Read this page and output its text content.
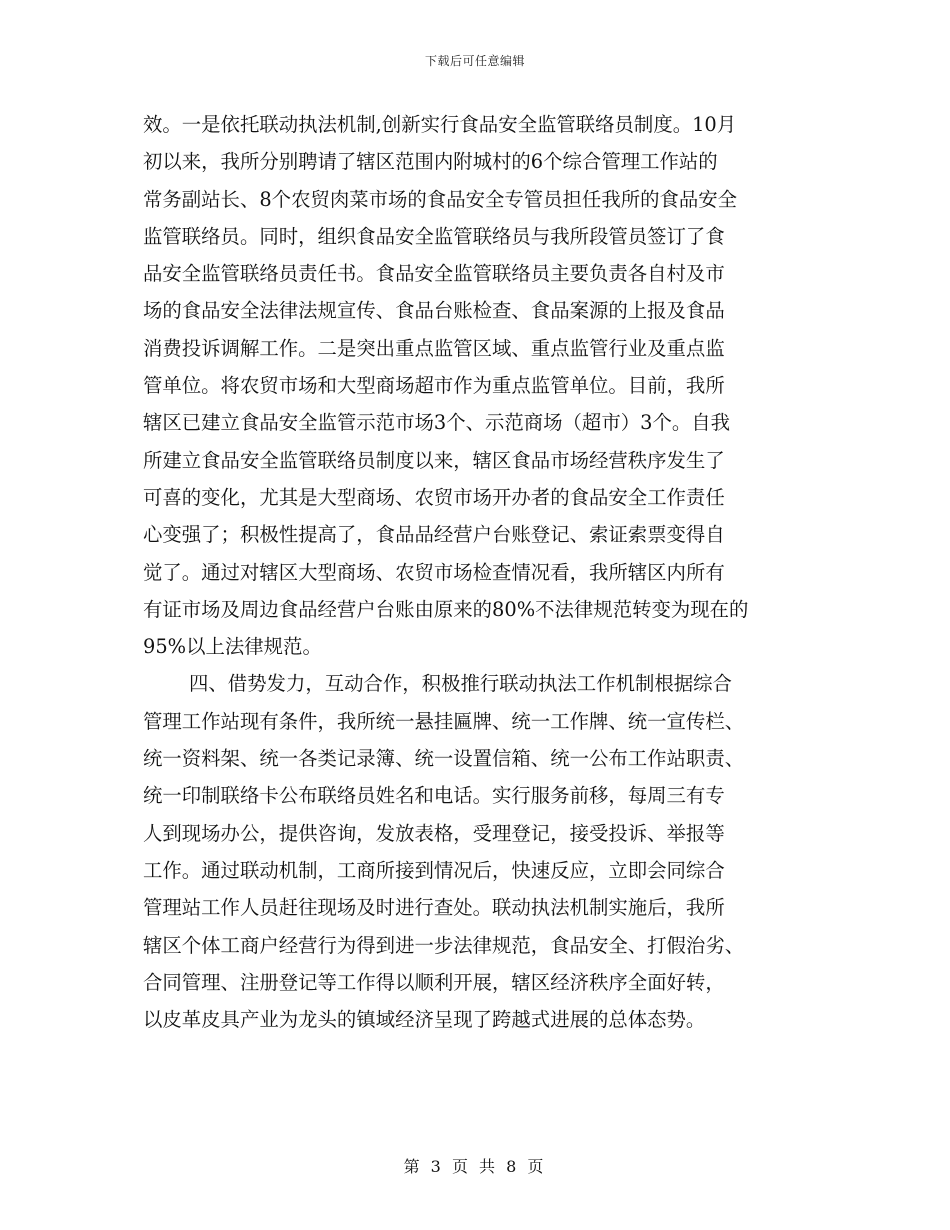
下载后可任意编辑
效。一是依托联动执法机制,创新实行食品安全监管联络员制度。10月
初以来，我所分别聘请了辖区范围内附城村的6个综合管理工作站的
常务副站长、8个农贸肉菜市场的食品安全专管员担任我所的食品安全
监管联络员。同时，组织食品安全监管联络员与我所段管员签订了食
品安全监管联络员责任书。食品安全监管联络员主要负责各自村及市
场的食品安全法律法规宣传、食品台账检查、食品案源的上报及食品
消费投诉调解工作。二是突出重点监管区域、重点监管行业及重点监
管单位。将农贸市场和大型商场超市作为重点监管单位。目前，我所
辖区已建立食品安全监管示范市场3个、示范商场（超市）3个。自我
所建立食品安全监管联络员制度以来，辖区食品市场经营秩序发生了
可喜的变化，尤其是大型商场、农贸市场开办者的食品安全工作责任
心变强了；积极性提高了，食品品经营户台账登记、索证索票变得自
觉了。通过对辖区大型商场、农贸市场检查情况看，我所辖区内所有
有证市场及周边食品经营户台账由原来的80%不法律规范转变为现在的
95%以上法律规范。
四、借势发力，互动合作，积极推行联动执法工作机制根据综合
管理工作站现有条件，我所统一悬挂匾牌、统一工作牌、统一宣传栏、
统一资料架、统一各类记录簿、统一设置信箱、统一公布工作站职责、
统一印制联络卡公布联络员姓名和电话。实行服务前移，每周三有专
人到现场办公，提供咨询，发放表格，受理登记，接受投诉、举报等
工作。通过联动机制，工商所接到情况后，快速反应，立即会同综合
管理站工作人员赶往现场及时进行查处。联动执法机制实施后，我所
辖区个体工商户经营行为得到进一步法律规范，食品安全、打假治劣、
合同管理、注册登记等工作得以顺利开展，辖区经济秩序全面好转，
以皮革皮具产业为龙头的镇域经济呈现了跨越式进展的总体态势。
第 3 页 共 8 页
